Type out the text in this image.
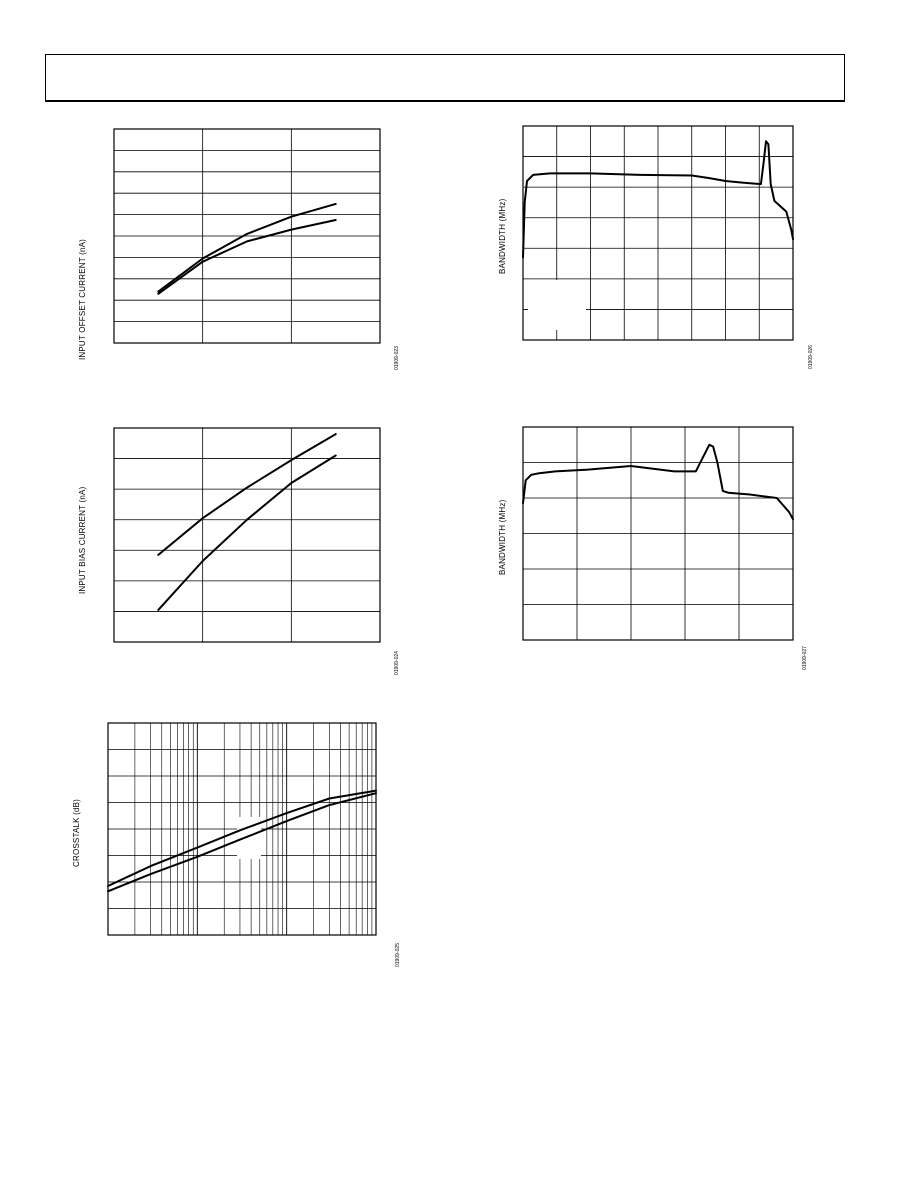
INPUT OFFSET CURRENT (nA)	01909-023
BANDWIDTH (MHz)
01909-026
INPUT BIAS CURRENT (nA)
01909-024
BANDWIDTH (MHz)
01909-027
CROSSTALK (dB)
01909-025
